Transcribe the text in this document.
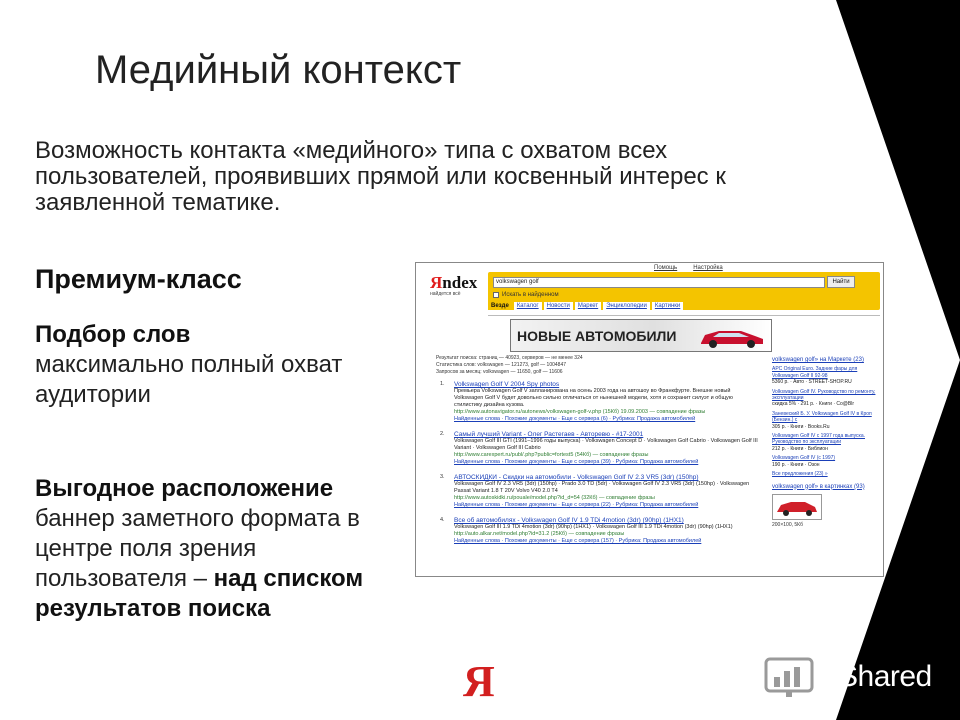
Медийный контекст
Возможность контакта «медийного» типа с охватом всех пользователей, проявивших прямой или косвенный интерес к заявленной тематике.
Премиум-класс
Подбор слов
максимально полный охват аудитории
Выгодное расположение
баннер заметного формата в центре поля зрения пользователя – над списком результатов поиска
Яndex
найдется всё
Помощь	Настройка
volkswagen golf	Найти
Искать в найденном
Везде	Каталог	Новости	Маркет	Энциклопедии	Картинки
НОВЫЕ АВТОМОБИЛИ
Результат поиска: страниц — 40923, серверов — не менее 324
Статистика слов: volkswagen — 121273, golf — 1004847
Запросов за месяц: volkswagen — 11650, golf — 11606
1. Volkswagen Golf V 2004 Spy photos
Премьера Volkswagen Golf V запланирована на осень 2003 года на автошоу во Франкфурте. Внешне новый Volkswagen Golf V будет довольно сильно отличаться от нынешней модели, хотя и сохранит силуэт и общую стилистику дизайна кузова.
http://www.autonavigator.ru/autonews/volkswagen-golf-v.php (15Кб) 19.09.2003 — совпадение фразы
Найденные слова · Похожие документы · Еще с сервера (6) · Рубрика: Продажа автомобилей
2. Самый лучший Variant - Олег Растегаев - Авторевю - #17-2001
Volkswagen Golf III GTI (1991–1996 годы выпуска) · Volkswagen Concept D · Volkswagen Golf Cabrio · Volkswagen Golf III Variant · Volkswagen Golf III Cabrio
http://www.carexpert.ru/publ/.php?public=fortest5 (54Кб) — совпадение фразы
Найденные слова · Похожие документы · Еще с сервера (39) · Рубрика: Продажа автомобилей
3. АВТОСКИДКИ - Скидки на автомобили - Volkswagen Golf IV 2.3 VR5 (3dr) (150hp)
Volkswagen Golf IV 2.3 VR5 (3dr) (150hp) · Prado 3.0 TD (5dr) · Volkswagen Golf IV 2.3 VR5 (3dr) (150hp) · Volkswagen Passat Variant 1.8 T 20V Volvo V40 2.0 T4
http://www.autoskidki.ru/pouale/model.php?id_d=54 (32Кб) — совпадение фразы
Найденные слова · Похожие документы · Еще с сервера (22) · Рубрика: Продажа автомобилей
4. Все об автомобилях - Volkswagen Golf IV 1.9 TDi 4motion (3dr) (90hp) (1НХ1)
Volkswagen Golf III 1.9 TDi 4motion (3dr) (90hp) (1НХ1) · Volkswagen Golf III 1.9 TDi 4motion (3dr) (90hp) (1НХ1)
http://auto.alkar.net/model.php?id=31.2 (25Кб) — совпадение фразы
Найденные слова · Похожие документы · Еще с сервера (157) · Рубрика: Продажа автомобилей
volkswagen golf» на Маркете (23)
APC Original Euro. Задние фары для Volkswagen Golf II 92-98
5360 р. · Авто · STREET-SHOP.RU
Volkswagen Golf IV. Руководство по ремонту, эксплуатации
скидка 5% · 291 р. · Книги · Co@Blr
Заневеский Б. У. Volkswagen Golf IV в Кроп (Бензин.) с
305 р. · Книги · Books.Ru
Volkswagen Golf IV с 1997 года выпуска. Руководство по эксплуатации
212 р. · Книги · Библион
Volkswagen Golf IV (с 1997)
190 р. · Книги · Озон
Все предложения (23) »
volkswagen golf» в картинках (93)
200×100, 5Кб
Я	Shared
